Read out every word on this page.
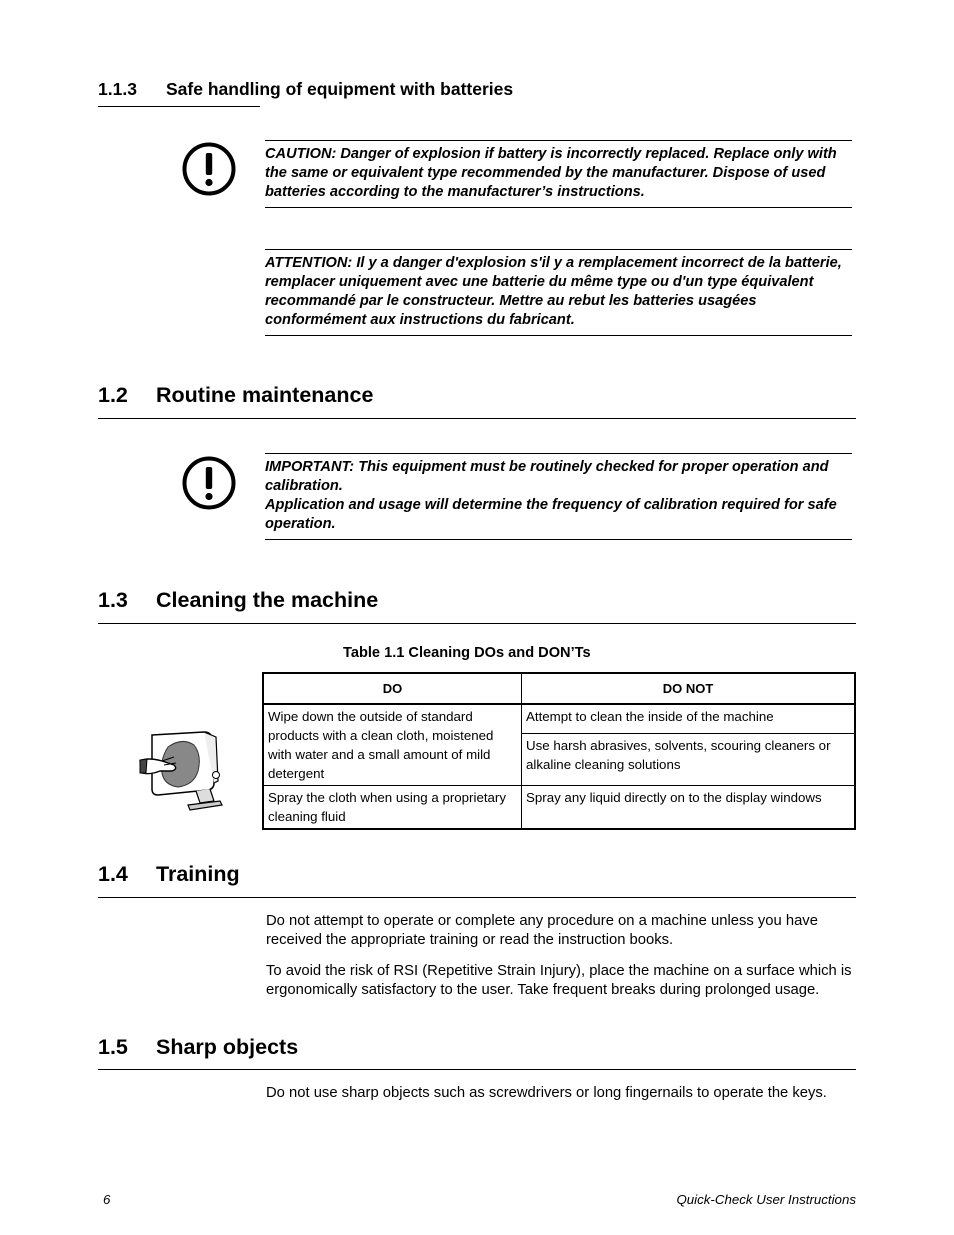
1.1.3 Safe handling of equipment with batteries

CAUTION: Danger of explosion if battery is incorrectly replaced. Replace only with the same or equivalent type recommended by the manufacturer. Dispose of used batteries according to the manufacturer’s instructions.

ATTENTION: Il y a danger d'explosion s'il y a remplacement incorrect de la batterie, remplacer uniquement avec une batterie du même type ou d'un type équivalent recommandé par le constructeur. Mettre au rebut les batteries usagées conformément aux instructions du fabricant.

1.2 Routine maintenance

IMPORTANT: This equipment must be routinely checked for proper operation and calibration.

Application and usage will determine the frequency of calibration required for safe operation.

1.3 Cleaning the machine
Table 1.1 Cleaning DOs and DON’Ts
DO	DO NOT
Wipe down the outside of standard products with a clean cloth, moistened with water and a small amount of mild detergent	Attempt to clean the inside of the machine
	Use harsh abrasives, solvents, scouring cleaners or alkaline cleaning solutions
Spray the cloth when using a proprietary cleaning fluid	Spray any liquid directly on to the display windows
1.4 Training

Do not attempt to operate or complete any procedure on a machine unless you have received the appropriate training or read the instruction books.

To avoid the risk of RSI (Repetitive Strain Injury), place the machine on a surface which is ergonomically satisfactory to the user. Take frequent breaks during prolonged usage.

1.5 Sharp objects

Do not use sharp objects such as screwdrivers or long fingernails to operate the keys.

6	Quick-Check User Instructions
